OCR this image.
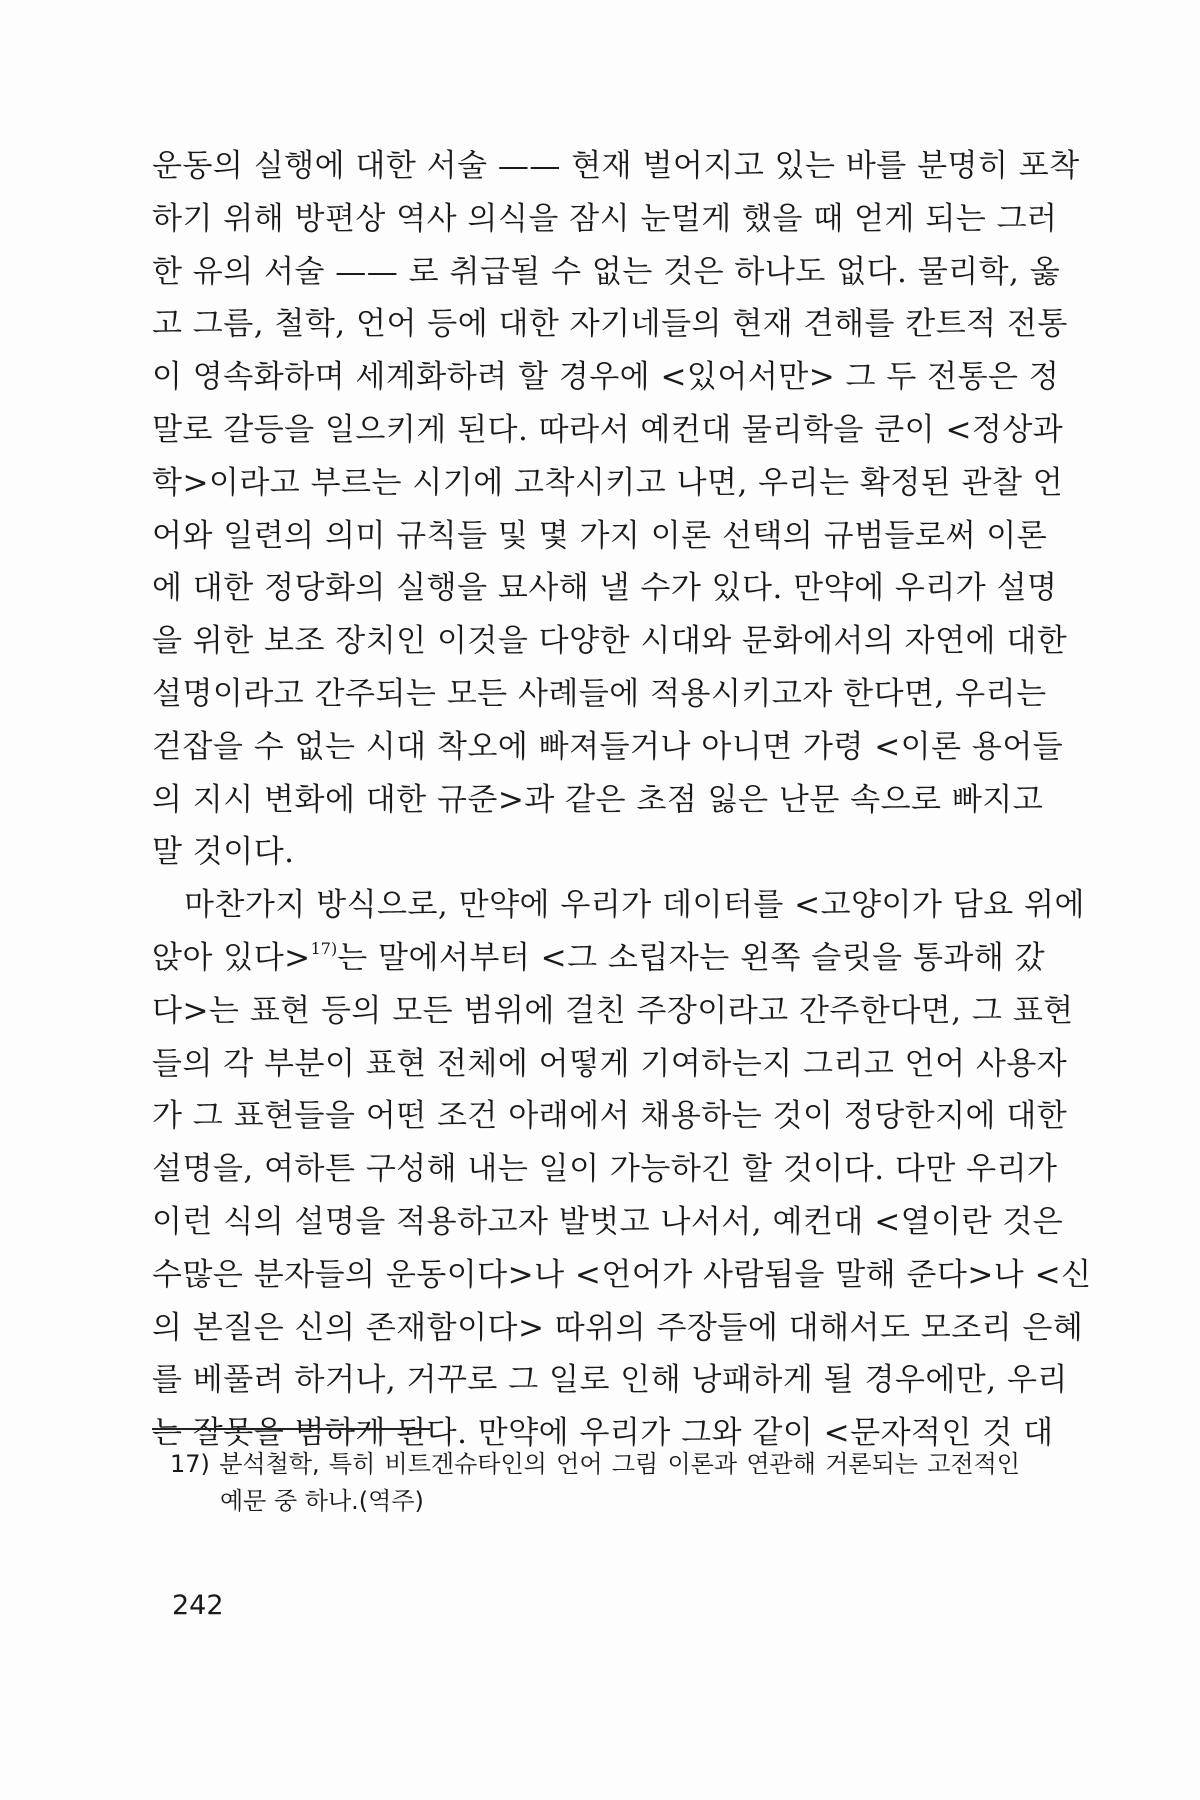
운동의 실행에 대한 서술 —— 현재 벌어지고 있는 바를 분명히 포착
하기 위해 방편상 역사 의식을 잠시 눈멀게 했을 때 얻게 되는 그러
한 유의 서술 —— 로 취급될 수 없는 것은 하나도 없다. 물리학, 옳
고 그름, 철학, 언어 등에 대한 자기네들의 현재 견해를 칸트적 전통
이 영속화하며 세계화하려 할 경우에 <있어서만> 그 두 전통은 정
말로 갈등을 일으키게 된다. 따라서 예컨대 물리학을 쿤이 <정상과
학>이라고 부르는 시기에 고착시키고 나면, 우리는 확정된 관찰 언
어와 일련의 의미 규칙들 및 몇 가지 이론 선택의 규범들로써 이론
에 대한 정당화의 실행을 묘사해 낼 수가 있다. 만약에 우리가 설명
을 위한 보조 장치인 이것을 다양한 시대와 문화에서의 자연에 대한
설명이라고 간주되는 모든 사례들에 적용시키고자 한다면, 우리는
걷잡을 수 없는 시대 착오에 빠져들거나 아니면 가령 <이론 용어들
의 지시 변화에 대한 규준>과 같은 초점 잃은 난문 속으로 빠지고
말 것이다.
마찬가지 방식으로, 만약에 우리가 데이터를 <고양이가 담요 위에
앉아 있다>$^{17)}$는 말에서부터 <그 소립자는 왼쪽 슬릿을 통과해 갔
다>는 표현 등의 모든 범위에 걸친 주장이라고 간주한다면, 그 표현
들의 각 부분이 표현 전체에 어떻게 기여하는지 그리고 언어 사용자
가 그 표현들을 어떤 조건 아래에서 채용하는 것이 정당한지에 대한
설명을, 여하튼 구성해 내는 일이 가능하긴 할 것이다. 다만 우리가
이런 식의 설명을 적용하고자 발벗고 나서서, 예컨대 <열이란 것은
수많은 분자들의 운동이다>나 <언어가 사람됨을 말해 준다>나 <신
의 본질은 신의 존재함이다> 따위의 주장들에 대해서도 모조리 은혜
를 베풀려 하거나, 거꾸로 그 일로 인해 낭패하게 될 경우에만, 우리
는 잘못을 범하게 된다. 만약에 우리가 그와 같이 <문자적인 것 대
17) 분석철학, 특히 비트겐슈타인의 언어 그림 이론과 연관해 거론되는 고전적인
예문 중 하나.(역주)
242
